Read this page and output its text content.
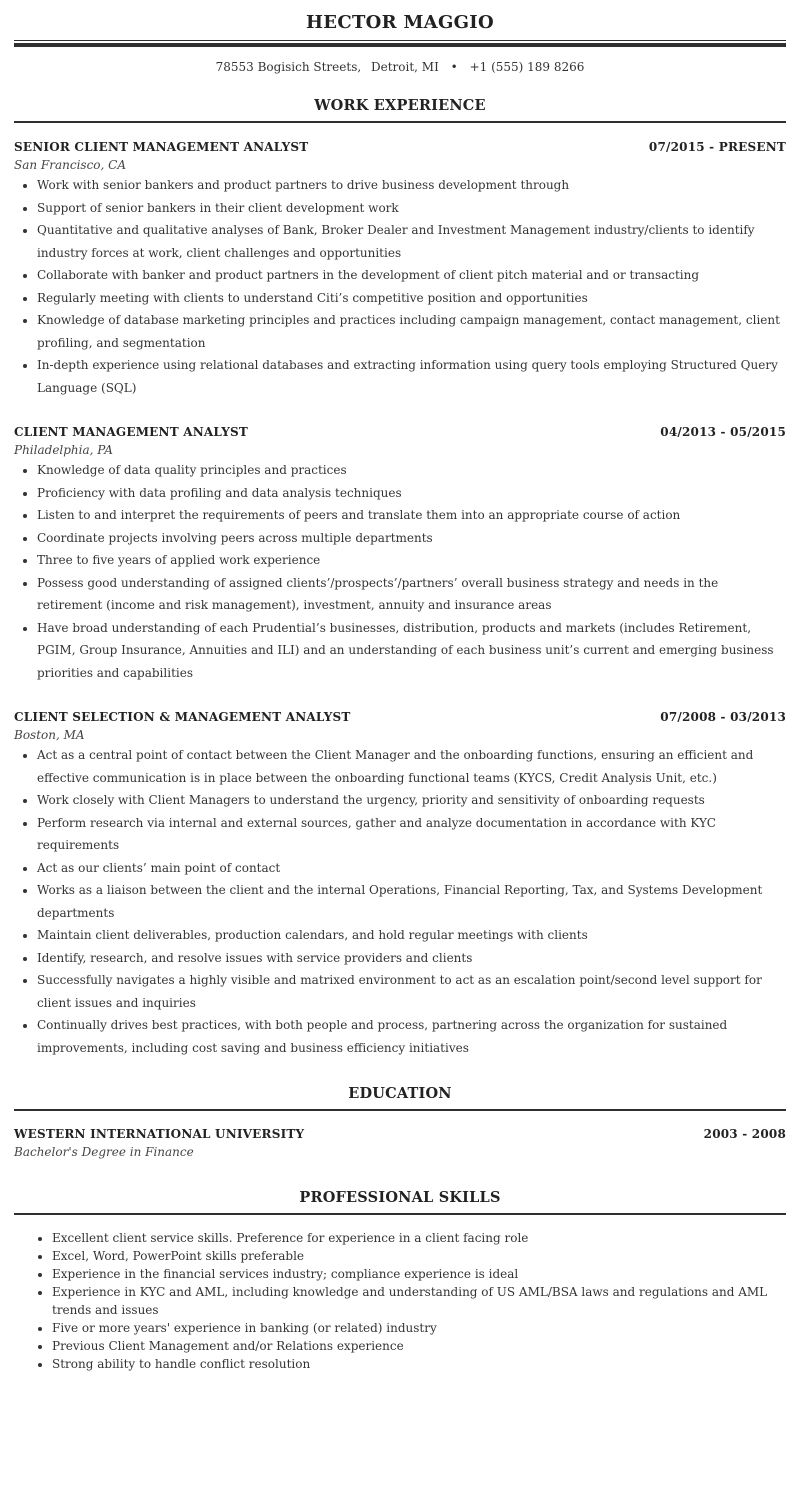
HECTOR MAGGIO
78553 Bogisich Streets, Detroit, MI • +1 (555) 189 8266
WORK EXPERIENCE
SENIOR CLIENT MANAGEMENT ANALYST	07/2015 - PRESENT
San Francisco, CA
• Work with senior bankers and product partners to drive business development through
• Support of senior bankers in their client development work
• Quantitative and qualitative analyses of Bank, Broker Dealer and Investment Management industry/clients to identify industry forces at work, client challenges and opportunities
• Collaborate with banker and product partners in the development of client pitch material and or transacting
• Regularly meeting with clients to understand Citi’s competitive position and opportunities
• Knowledge of database marketing principles and practices including campaign management, contact management, client profiling, and segmentation
• In-depth experience using relational databases and extracting information using query tools employing Structured Query Language (SQL)
CLIENT MANAGEMENT ANALYST	04/2013 - 05/2015
Philadelphia, PA
• Knowledge of data quality principles and practices
• Proficiency with data profiling and data analysis techniques
• Listen to and interpret the requirements of peers and translate them into an appropriate course of action
• Coordinate projects involving peers across multiple departments
• Three to five years of applied work experience
• Possess good understanding of assigned clients’/prospects’/partners’ overall business strategy and needs in the retirement (income and risk management), investment, annuity and insurance areas
• Have broad understanding of each Prudential’s businesses, distribution, products and markets (includes Retirement, PGIM, Group Insurance, Annuities and ILI) and an understanding of each business unit’s current and emerging business priorities and capabilities
CLIENT SELECTION & MANAGEMENT ANALYST	07/2008 - 03/2013
Boston, MA
• Act as a central point of contact between the Client Manager and the onboarding functions, ensuring an efficient and effective communication is in place between the onboarding functional teams (KYCS, Credit Analysis Unit, etc.)
• Work closely with Client Managers to understand the urgency, priority and sensitivity of onboarding requests
• Perform research via internal and external sources, gather and analyze documentation in accordance with KYC requirements
• Act as our clients’ main point of contact
• Works as a liaison between the client and the internal Operations, Financial Reporting, Tax, and Systems Development departments
• Maintain client deliverables, production calendars, and hold regular meetings with clients
• Identify, research, and resolve issues with service providers and clients
• Successfully navigates a highly visible and matrixed environment to act as an escalation point/second level support for client issues and inquiries
• Continually drives best practices, with both people and process, partnering across the organization for sustained improvements, including cost saving and business efficiency initiatives
EDUCATION
WESTERN INTERNATIONAL UNIVERSITY	2003 - 2008
Bachelor's Degree in Finance
PROFESSIONAL SKILLS
• Excellent client service skills. Preference for experience in a client facing role
• Excel, Word, PowerPoint skills preferable
• Experience in the financial services industry; compliance experience is ideal
• Experience in KYC and AML, including knowledge and understanding of US AML/BSA laws and regulations and AML trends and issues
• Five or more years' experience in banking (or related) industry
• Previous Client Management and/or Relations experience
• Strong ability to handle conflict resolution
